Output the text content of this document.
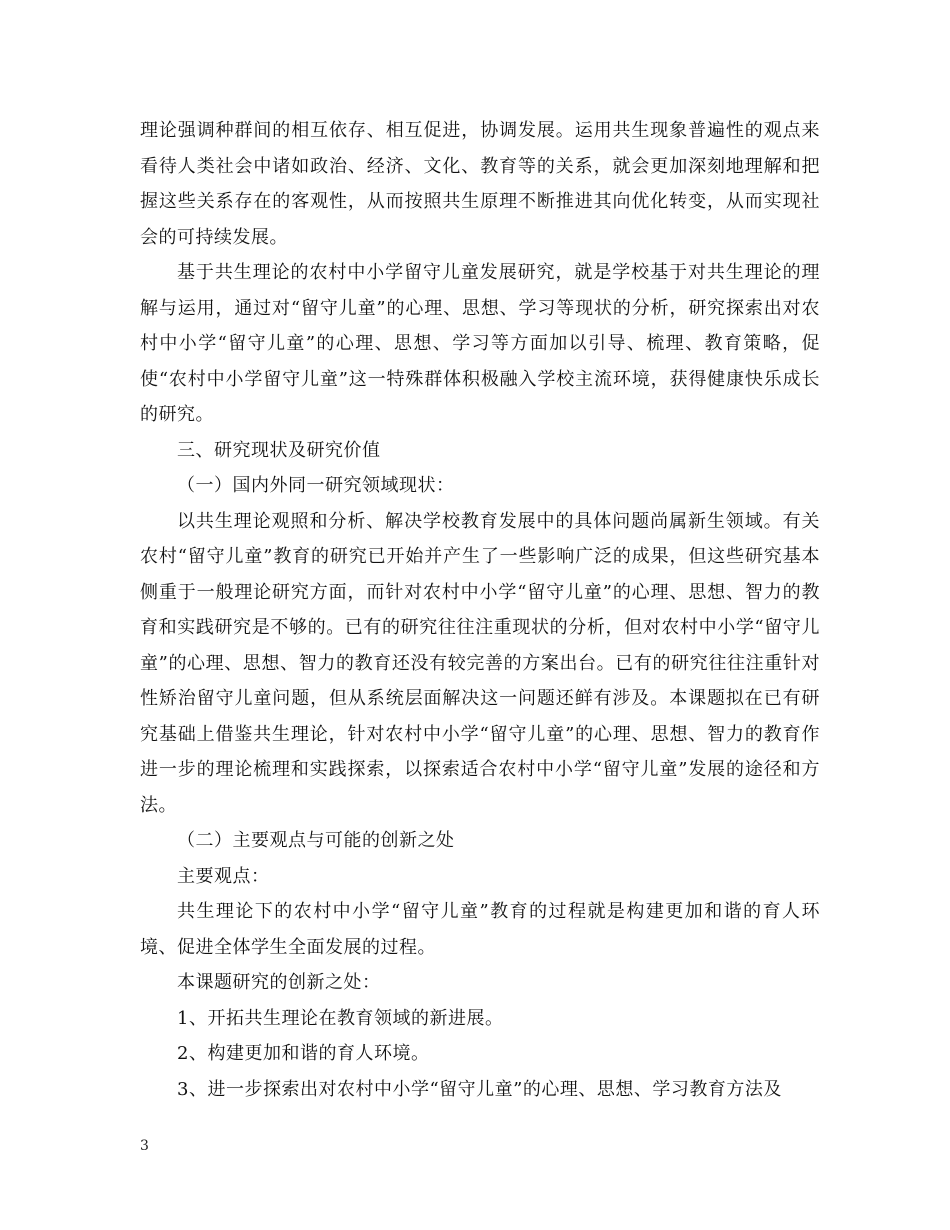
理论强调种群间的相互依存、相互促进，协调发展。运用共生现象普遍性的观点来看待人类社会中诸如政治、经济、文化、教育等的关系，就会更加深刻地理解和把握这些关系存在的客观性，从而按照共生原理不断推进其向优化转变，从而实现社会的可持续发展。

基于共生理论的农村中小学留守儿童发展研究，就是学校基于对共生理论的理解与运用，通过对“留守儿童”的心理、思想、学习等现状的分析，研究探索出对农村中小学“留守儿童”的心理、思想、学习等方面加以引导、梳理、教育策略，促使“农村中小学留守儿童”这一特殊群体积极融入学校主流环境，获得健康快乐成长的研究。

三、研究现状及研究价值

（一）国内外同一研究领域现状：

以共生理论观照和分析、解决学校教育发展中的具体问题尚属新生领域。有关农村“留守儿童”教育的研究已开始并产生了一些影响广泛的成果，但这些研究基本侧重于一般理论研究方面，而针对农村中小学“留守儿童”的心理、思想、智力的教育和实践研究是不够的。已有的研究往往注重现状的分析，但对农村中小学“留守儿童”的心理、思想、智力的教育还没有较完善的方案出台。已有的研究往往注重针对性矫治留守儿童问题，但从系统层面解决这一问题还鲜有涉及。本课题拟在已有研究基础上借鉴共生理论，针对农村中小学“留守儿童”的心理、思想、智力的教育作进一步的理论梳理和实践探索，以探索适合农村中小学“留守儿童”发展的途径和方法。

（二）主要观点与可能的创新之处

主要观点：

共生理论下的农村中小学“留守儿童”教育的过程就是构建更加和谐的育人环境、促进全体学生全面发展的过程。

本课题研究的创新之处：

1、开拓共生理论在教育领域的新进展。

2、构建更加和谐的育人环境。

3、进一步探索出对农村中小学“留守儿童”的心理、思想、学习教育方法及

3
